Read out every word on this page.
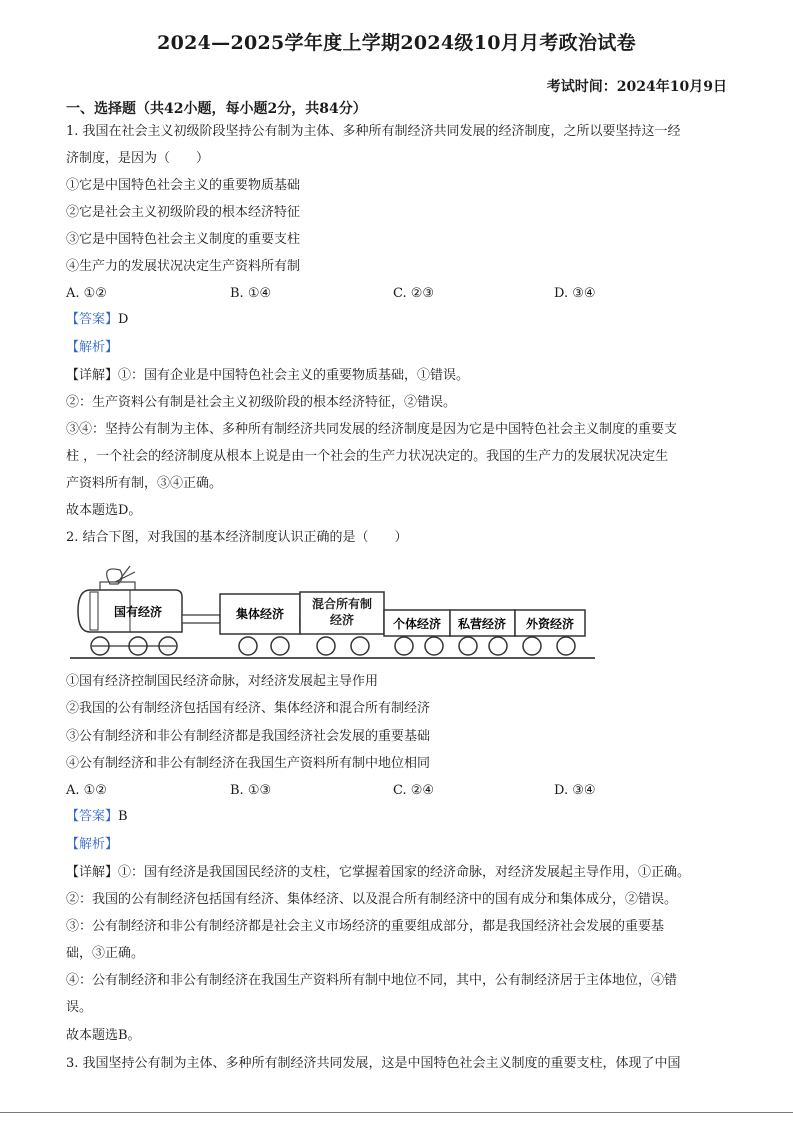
2024—2025学年度上学期2024级10月月考政治试卷
考试时间：2024年10月9日
一、选择题（共42小题，每小题2分，共84分）
1. 我国在社会主义初级阶段坚持公有制为主体、多种所有制经济共同发展的经济制度，之所以要坚持这一经
济制度，是因为（　　）
①它是中国特色社会主义的重要物质基础
②它是社会主义初级阶段的根本经济特征
③它是中国特色社会主义制度的重要支柱
④生产力的发展状况决定生产资料所有制
A. ①②	B. ①④	C. ②③	D. ③④
【答案】D
【解析】
【详解】①：国有企业是中国特色社会主义的重要物质基础，①错误。
②：生产资料公有制是社会主义初级阶段的根本经济特征，②错误。
③④：坚持公有制为主体、多种所有制经济共同发展的经济制度是因为它是中国特色社会主义制度的重要支
柱 ，一个社会的经济制度从根本上说是由一个社会的生产力状况决定的。我国的生产力的发展状况决定生
产资料所有制，③④正确。
故本题选D。
2. 结合下图，对我国的基本经济制度认识正确的是（　　）
国有经济	集体经济
混合所有制经济	个体经济 私营经济 外资经济
①国有经济控制国民经济命脉，对经济发展起主导作用
②我国的公有制经济包括国有经济、集体经济和混合所有制经济
③公有制经济和非公有制经济都是我国经济社会发展的重要基础
④公有制经济和非公有制经济在我国生产资料所有制中地位相同
A. ①②	B. ①③	C. ②④	D. ③④
【答案】B
【解析】
【详解】①：国有经济是我国国民经济的支柱，它掌握着国家的经济命脉，对经济发展起主导作用，①正确。
②：我国的公有制经济包括国有经济、集体经济、以及混合所有制经济中的国有成分和集体成分，②错误。
③：公有制经济和非公有制经济都是社会主义市场经济的重要组成部分，都是我国经济社会发展的重要基
础，③正确。
④：公有制经济和非公有制经济在我国生产资料所有制中地位不同，其中，公有制经济居于主体地位，④错
误。
故本题选B。
3. 我国坚持公有制为主体、多种所有制经济共同发展，这是中国特色社会主义制度的重要支柱，体现了中国
